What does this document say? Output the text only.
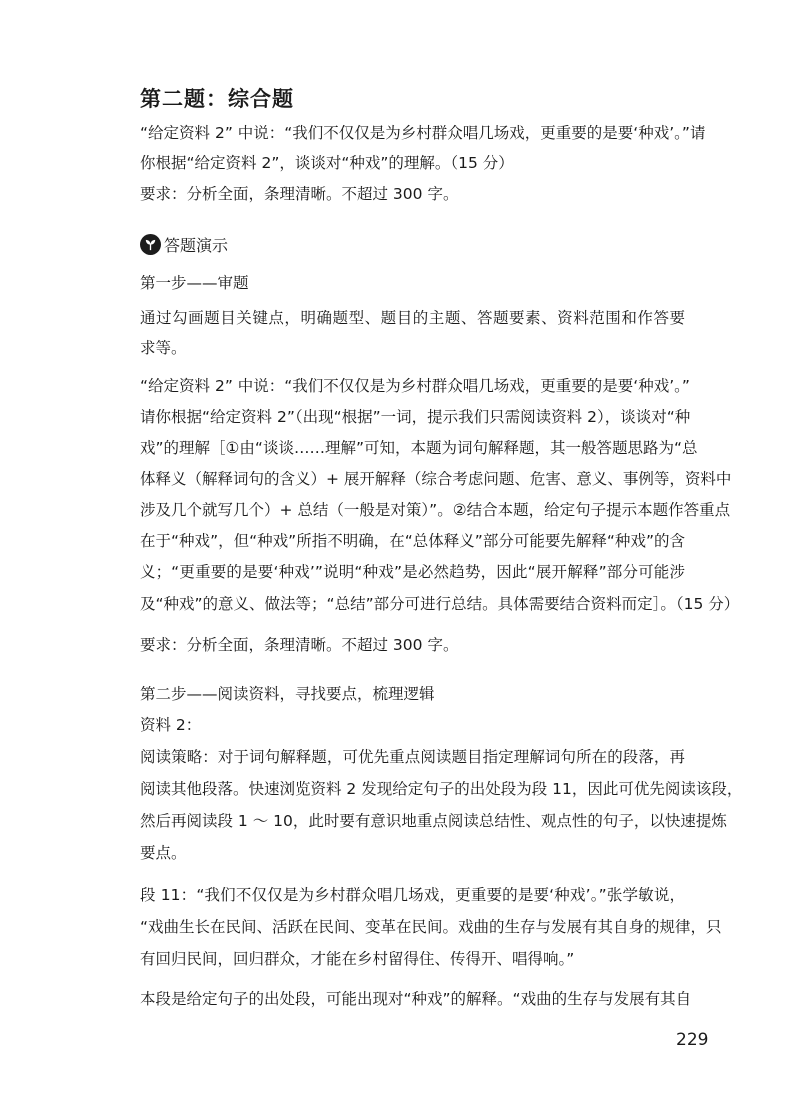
第二题：综合题
“给定资料 2” 中说：“我们不仅仅是为乡村群众唱几场戏，更重要的是要‘种戏’。”请
你根据“给定资料 2”，谈谈对“种戏”的理解。（15 分）
要求：分析全面，条理清晰。不超过 300 字。
答题演示
第一步——审题
通过勾画题目关键点，明确题型、题目的主题、答题要素、资料范围和作答要
求等。
“给定资料 2” 中说：“我们不仅仅是为乡村群众唱几场戏，更重要的是要‘种戏’。”
请你根据“给定资料 2”（出现“根据”一词，提示我们只需阅读资料 2），谈谈对“种
戏”的理解［①由“谈谈……理解”可知，本题为词句解释题，其一般答题思路为“总
体释义（解释词句的含义）+ 展开解释（综合考虑问题、危害、意义、事例等，资料中
涉及几个就写几个）+ 总结（一般是对策）”。②结合本题，给定句子提示本题作答重点
在于“种戏”，但“种戏”所指不明确，在“总体释义”部分可能要先解释“种戏”的含
义；“更重要的是要‘种戏’”说明“种戏”是必然趋势，因此“展开解释”部分可能涉
及“种戏”的意义、做法等；“总结”部分可进行总结。具体需要结合资料而定］。（15 分）
要求：分析全面，条理清晰。不超过 300 字。
第二步——阅读资料，寻找要点，梳理逻辑
资料 2：
阅读策略：对于词句解释题，可优先重点阅读题目指定理解词句所在的段落，再
阅读其他段落。快速浏览资料 2 发现给定句子的出处段为段 11，因此可优先阅读该段，
然后再阅读段 1 ～ 10，此时要有意识地重点阅读总结性、观点性的句子，以快速提炼
要点。
段 11：“我们不仅仅是为乡村群众唱几场戏，更重要的是要‘种戏’。”张学敏说，
“戏曲生长在民间、活跃在民间、变革在民间。戏曲的生存与发展有其自身的规律，只
有回归民间，回归群众，才能在乡村留得住、传得开、唱得响。”
本段是给定句子的出处段，可能出现对“种戏”的解释。“戏曲的生存与发展有其自
229
